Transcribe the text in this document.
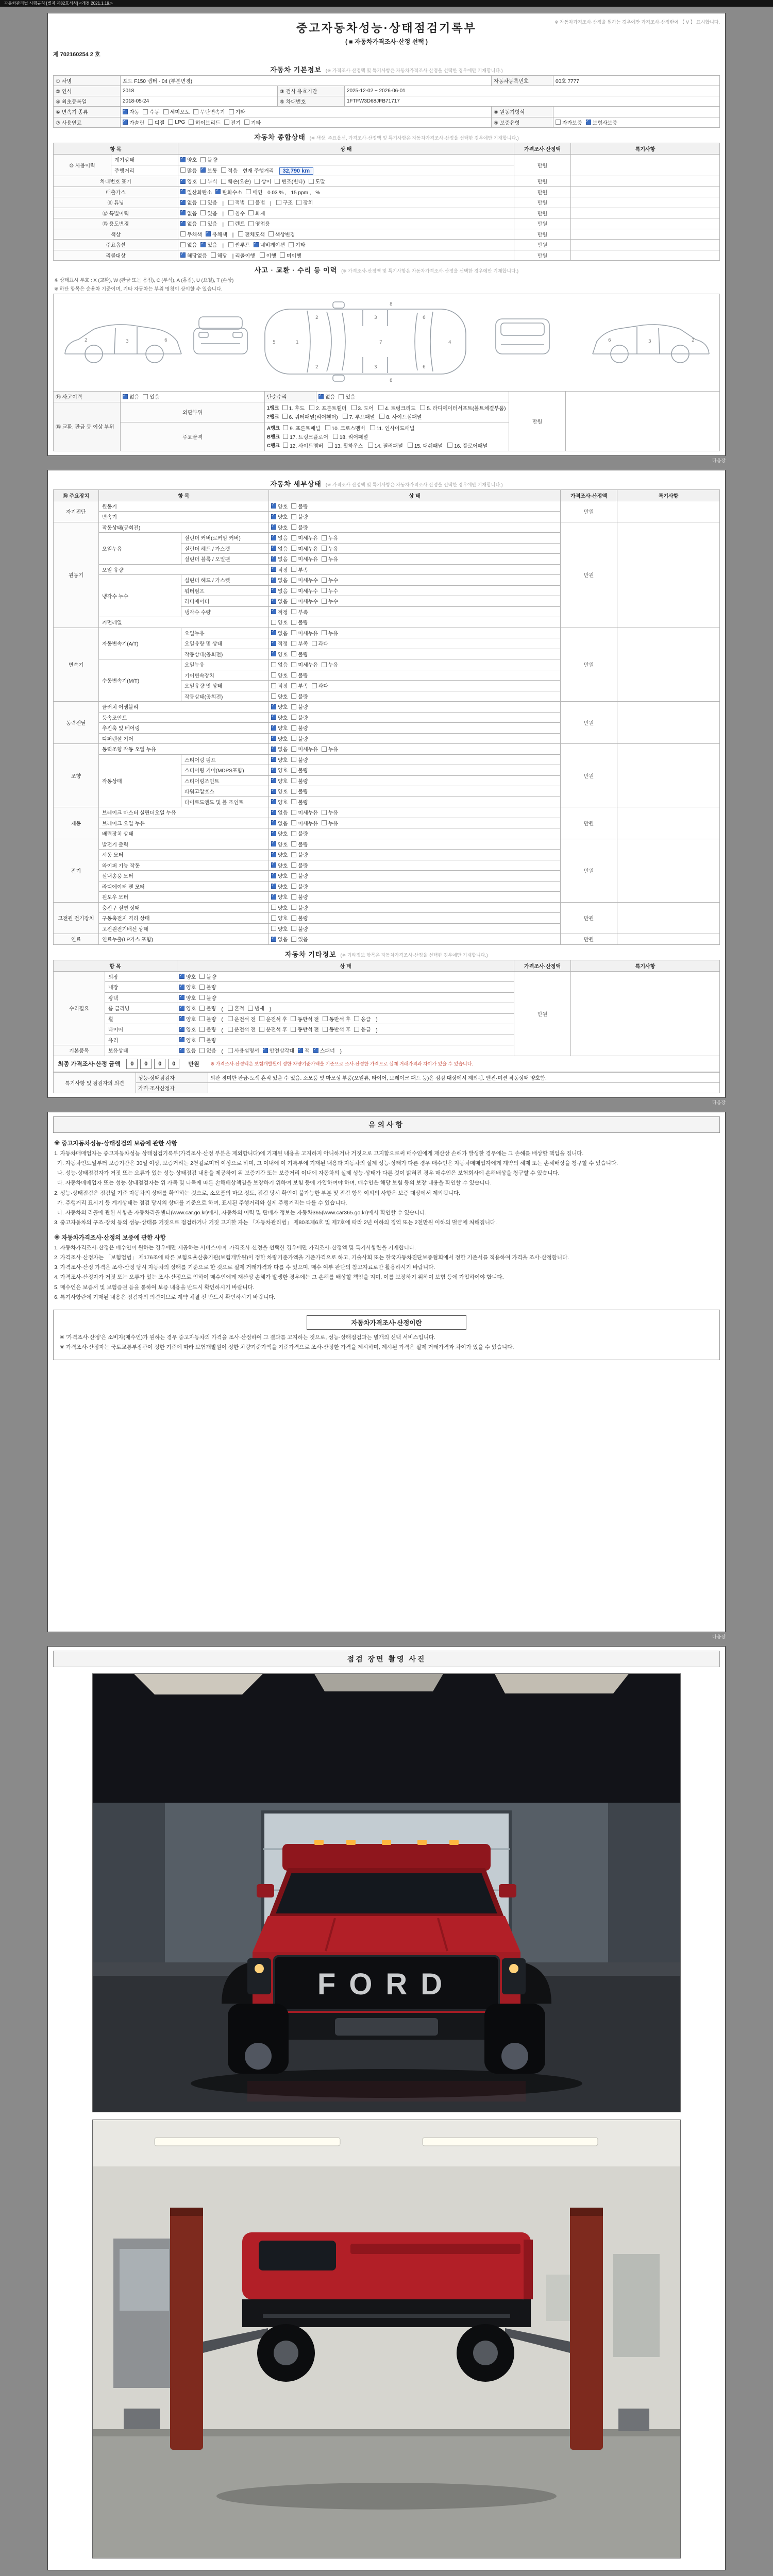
자동차관리법 시행규칙 [별지 제82호서식] <개정 2021.1.19.>
※ 자동차가격조사·산정을 원하는 경우에만 가격조사·산정란에 【 V 】 표시합니다.
중고자동차성능·상태점검기록부
( ■ 자동차가격조사·산정 선택 )
제 702160254 2 호
자동차 기본정보 (※ 가격조사·산정액 및 특기사항은 자동차가격조사·산정을 선택한 경우에만 기재합니다.)
① 차명	포드 F150 랩터 - 04 (부분변경)			자동차등록번호	00호 7777
② 연식	2018	③ 검사 유효기간	2025-12-02 ~ 2026-06-01		
④ 최초등록일	2018-05-24	⑤ 차대번호	1FTFW3D68JFB71717		
⑥ 변속기 종류	
✓자동 수동 세미오토 무단변속기 기타			⑧ 원동기형식	
⑦ 사용연료	
✓가솔린 디젤 LPG 하이브리드 전기 기타	⑨ 보증유형	자가보증 ✓ 보험사보증
자동차 종합상태 (※ 색상, 주요옵션, 가격조사·산정액 및 특기사항은 자동차가격조사·산정을 선택한 경우에만 기재합니다.)
항 목		상 태	가격조사·산정액	특기사항
⑩ 사용이력	계기상태	
✓양호 불량	만원	
	주행거리	많음 ✓ 보통 적음 현재 주행거리 32,790 km
차대번호 표기	
✓양호 부식 훼손(오손) 상이 변조(변타) 도말	만원	
배출가스	
✓일산화탄소 ✓ 탄화수소 매연 0.03 % , 15 ppm , %	만원	
⑪ 튜닝	
✓없음 있음 | 적법 불법 | 구조 장치	만원	
⑫ 특별이력	
✓없음 있음 | 침수 화재	만원	
⑬ 용도변경	
✓없음 있음 | 렌트 영업용	만원	
색상		무채색 ✓ 유채색 | 전체도색 색상변경	만원	
주요옵션	없음 ✓ 있음 | 썬루프 ✓ 네비게이션 기타	만원	
리콜대상	
✓해당없음 해당 | 리콜이행 이행 미이행	만원	
사고 · 교환 · 수리 등 이력 (※ 가격조사·산정액 및 특기사항은 자동차가격조사·산정을 선택한 경우에만 기재합니다.)
※ 상태표시 부호 : X (교환), W (판금 또는 용접), C (부식), A (흠집), U (요철), T (손상)
※ 하단 항목은 승용차 기준이며, 기타 자동차는 부위 명칭이 상이할 수 있습니다.
5	1	7	4
2	3	6
2	3	6
8
8
3	6
2	3
6	2
⑭ 사고이력	
✓없음 있음	단순수리	
✓없음 있음	만원	
⑮ 교환, 판금 등 이상 부위	외판부위	
1랭크 1. 후드 2. 프론트휀더 3. 도어 4. 트렁크리드 5. 라디에이터서포트(볼트체결부품)
2랭크 6. 쿼터패널(리어휀더) 7. 루프패널 8. 사이드실패널

주요골격	
A랭크 9. 프론트패널 10. 크로스멤버 11. 인사이드패널
B랭크 17. 트렁크플로어 18. 리어패널
C랭크 12. 사이드멤버 13. 휠하우스 14. 필러패널 15. 대쉬패널 16. 플로어패널
다음장
자동차 세부상태 (※ 가격조사·산정액 및 특기사항은 자동차가격조사·산정을 선택한 경우에만 기재합니다.)
⑯ 주요장치	항 목		상 태	가격조사·산정액	특기사항
자기진단	원동기	
✓양호 불량	만원	
	변속기	
✓양호 불량

원동기	작동상태(공회전)	
✓양호 불량	만원	
	오일누유	실린더 커버(로커암 커버)	
✓없음 미세누유 누유

		실린더 헤드 / 가스켓	
✓없음 미세누유 누유

		실린더 블록 / 오일팬	
✓없음 미세누유 누유

	오일 유량	
✓적정 부족

	냉각수 누수	실린더 헤드 / 가스켓	
✓없음 미세누수 누수

		워터펌프	
✓없음 미세누수 누수

		라디에이터	
✓없음 미세누수 누수

		냉각수 수량	
✓적정 부족

	커먼레일		양호 불량		

변속기	자동변속기(A/T)	오일누유	
✓없음 미세누유 누유	만원	
		오일유량 및 상태	
✓적정 부족 과다

		작동상태(공회전)	
✓양호 불량

	수동변속기(M/T)	오일누유	없음 미세누유 누유		

		기어변속장치	양호 불량		

		오일유량 및 상태	적정 부족 과다		

		작동상태(공회전)	양호 불량		

동력전달	클러치 어셈블리	
✓양호 불량	만원	
	등속조인트	
✓양호 불량

	추진축 및 베어링	
✓양호 불량

	디퍼렌셜 기어	
✓양호 불량

조향	동력조향 작동 오일 누유	
✓없음 미세누유 누유	만원	
	작동상태	스티어링 펌프	
✓양호 불량

		스티어링 기어(MDPS포함)	
✓양호 불량

		스티어링조인트	
✓양호 불량

		파워고압호스	
✓양호 불량

		타이로드엔드 및 볼 조인트	
✓양호 불량

제동	브레이크 마스터 실린더오일 누유	
✓없음 미세누유 누유	만원	
	브레이크 오일 누유	
✓없음 미세누유 누유

	배력장치 상태	
✓양호 불량

전기	발전기 출력	
✓양호 불량	만원	
	시동 모터	
✓양호 불량

	와이퍼 기능 작동	
✓양호 불량

	실내송풍 모터	
✓양호 불량

	라디에이터 팬 모터	
✓양호 불량

	윈도우 모터	
✓양호 불량

고전원 전기장치	충전구 절연 상태		양호 불량	만원	
	구동축전지 격리 상태		양호 불량		

	고전원전기배선 상태		양호 불량		

연료	연료누출(LP가스 포함)	
✓없음 있음	만원	
자동차 기타정보 (※ 기타정보 항목은 자동차가격조사·산정을 선택한 경우에만 기재합니다.)
항 목		상 태	가격조사·산정액	특기사항
수리필요	외장	
✓양호 불량	만원	
	내장	
✓양호 불량

	광택	
✓양호 불량

룸 클리닝	
✓양호 불량 ( 흔적 냄새 )
휠	
✓양호 불량 ( 운전석 전 운전석 후 동반석 전 동반석 후 응급 )
타이어	
✓양호 불량 ( 운전석 전 운전석 후 동반석 전 동반석 후 응급 )
	유리	
✓양호 불량

기본품목	보유상태	
✓있음 없음 ( 사용설명서 ✓ 안전삼각대 ✓ 잭 ✓ 스패너 )
최종 가격조사·산정 금액	0 0 0 0	만원 ※ 가격조사·산정액은 보험개발원이 정한 차량기준가액을 기준으로 조사·산정한 가격으로 실제 거래가격과 차이가 있을 수 있습니다.
특기사항 및 점검자의 의견	성능·상태점검자	외판 경미한 판금·도색 흔적 있을 수 있음. 소모품 및 마모성 부품(오일류, 타이어, 브레이크 패드 등)은 점검 대상에서 제외됨. 엔진·미션 작동상태 양호함.
	가격·조사산정자	
다음장
유의사항
※ 중고자동차성능·상태점검의 보증에 관한 사항

1. 자동차매매업자는 중고자동차성능·상태점검기록부(가격조사·산정 부분은 제외합니다)에 기재된 내용을 고지하지 아니하거나 거짓으로 고지함으로써 매수인에게 재산상 손해가 발생한 경우에는 그 손해를 배상할 책임을 집니다.

가. 자동차인도일부터 보증기간은 30일 이상, 보증거리는 2천킬로미터 이상으로 하며, 그 이내에 이 기록부에 기재된 내용과 자동차의 실제 성능·상태가 다른 경우 매수인은 자동차매매업자에게 계약의 해제 또는 손해배상을 청구할 수 있습니다.

나. 성능·상태점검자가 거짓 또는 오류가 있는 성능·상태점검 내용을 제공하여 위 보증기간 또는 보증거리 이내에 자동차의 실제 성능·상태가 다른 것이 밝혀진 경우 매수인은 보험회사에 손해배상을 청구할 수 있습니다.

다. 자동차매매업자 또는 성능·상태점검자는 위 가목 및 나목에 따른 손해배상책임을 보장하기 위하여 보험 등에 가입하여야 하며, 매수인은 해당 보험 등의 보장 내용을 확인할 수 있습니다.

2. 성능·상태점검은 점검일 기준 자동차의 상태를 확인하는 것으로, 소모품의 마모 정도, 점검 당시 확인이 불가능한 부분 및 점검 항목 이외의 사항은 보증 대상에서 제외됩니다.

가. 주행거리 표시기 등 계기상태는 점검 당시의 상태를 기준으로 하며, 표시된 주행거리와 실제 주행거리는 다를 수 있습니다.

나. 자동차의 리콜에 관한 사항은 자동차리콜센터(www.car.go.kr)에서, 자동차의 이력 및 판매자 정보는 자동차365(www.car365.go.kr)에서 확인할 수 있습니다.

3. 중고자동차의 구조·장치 등의 성능·상태를 거짓으로 점검하거나 거짓 고지한 자는 「자동차관리법」 제80조제6호 및 제7호에 따라 2년 이하의 징역 또는 2천만원 이하의 벌금에 처해집니다.

※ 자동차가격조사·산정의 보증에 관한 사항

1. 자동차가격조사·산정은 매수인이 원하는 경우에만 제공하는 서비스이며, 가격조사·산정을 선택한 경우에만 가격조사·산정액 및 특기사항란을 기재합니다.

2. 가격조사·산정자는 「보험업법」 제176조에 따른 보험요율산출기관(보험개발원)이 정한 차량기준가액을 기준가격으로 하고, 기술사회 또는 한국자동차진단보증협회에서 정한 기준서를 적용하여 가격을 조사·산정합니다.

3. 가격조사·산정 가격은 조사·산정 당시 자동차의 상태를 기준으로 한 것으로 실제 거래가격과 다를 수 있으며, 매수 여부 판단의 참고자료로만 활용하시기 바랍니다.

4. 가격조사·산정자가 거짓 또는 오류가 있는 조사·산정으로 인하여 매수인에게 재산상 손해가 발생한 경우에는 그 손해를 배상할 책임을 지며, 이를 보장하기 위하여 보험 등에 가입하여야 합니다.

5. 매수인은 보증서 및 보험증권 등을 통하여 보증 내용을 반드시 확인하시기 바랍니다.

6. 특기사항란에 기재된 내용은 점검자의 의견이므로 계약 체결 전 반드시 확인하시기 바랍니다.

자동차가격조사·산정이란

※ '가격조사·산정'은 소비자(매수인)가 원하는 경우 중고자동차의 가격을 조사·산정하여 그 결과를 고지하는 것으로, 성능·상태점검과는 별개의 선택 서비스입니다.

※ 가격조사·산정자는 국토교통부장관이 정한 기준에 따라 보험개발원이 정한 차량기준가액을 기준가격으로 조사·산정한 가격을 제시하며, 제시된 가격은 실제 거래가격과 차이가 있을 수 있습니다.

다음장
점검 장면 촬영 사진
FORD
